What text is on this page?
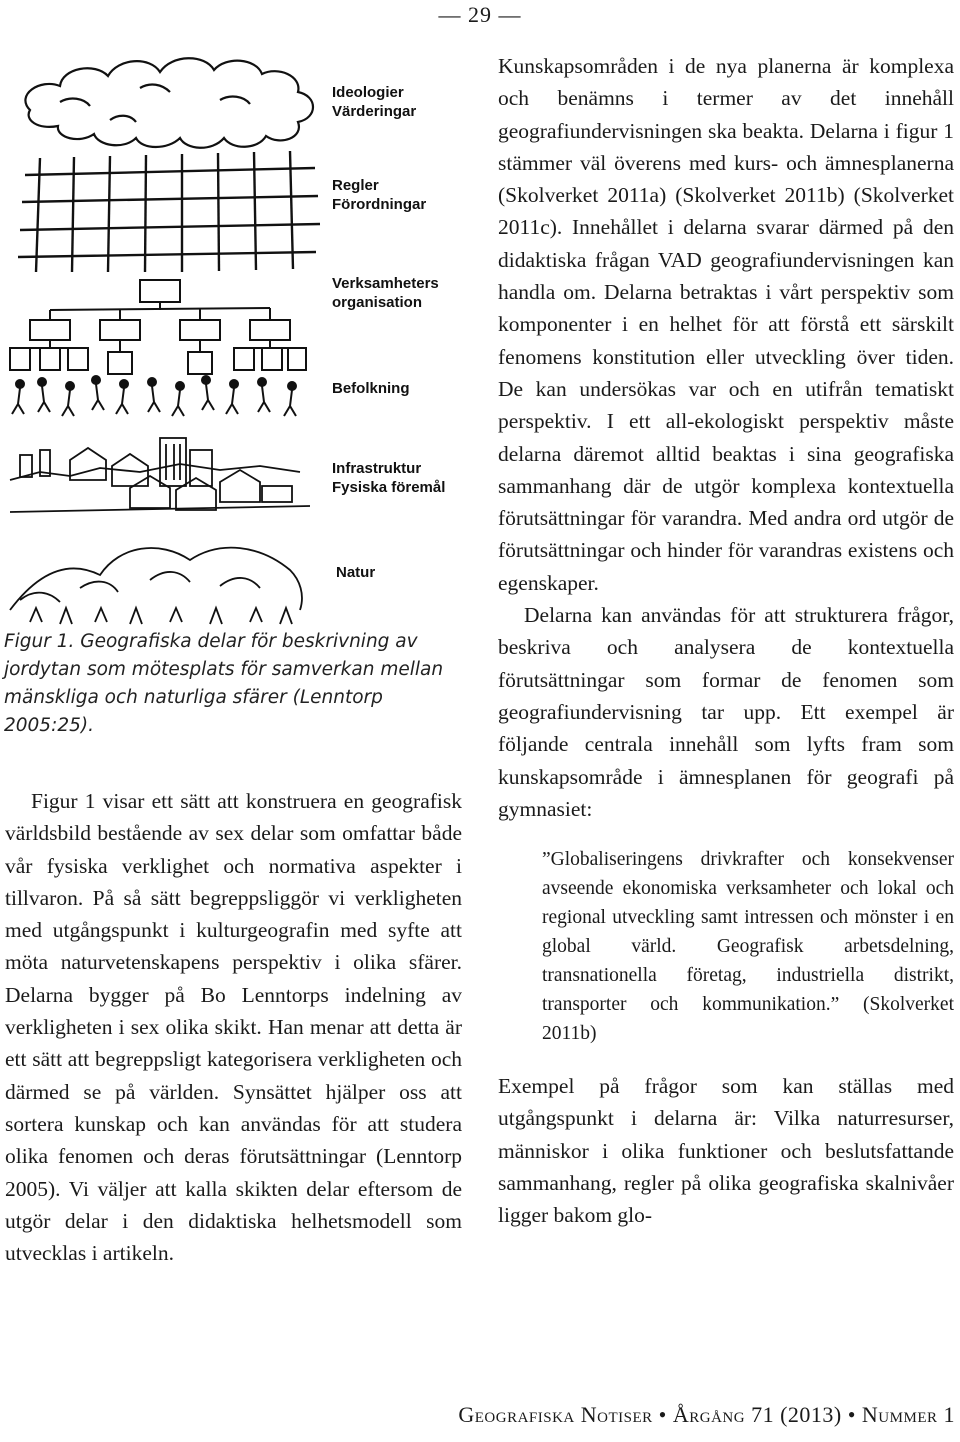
— 29 —
Ideologier
Värderingar
Regler
Förordningar
Verksamheters
organisation
Befolkning
Infrastruktur
Fysiska föremål
Natur
Figur 1. Geografiska delar för beskrivning av jordytan som mötesplats för samverkan mellan mänskliga och naturliga sfärer (Lenntorp 2005:25).

Figur 1 visar ett sätt att konstruera en geografisk världsbild bestående av sex delar som omfattar både vår fysiska verklighet och normativa aspekter i tillvaron. På så sätt begreppsliggör vi verkligheten med utgångspunkt i kulturgeografin med syfte att möta naturvetenskapens perspektiv i olika sfärer. Delarna bygger på Bo Lenntorps indelning av verkligheten i sex olika skikt. Han menar att detta är ett sätt att begreppsligt kategorisera verkligheten och därmed se på världen. Synsättet hjälper oss att sortera kunskap och kan användas för att studera olika fenomen och deras förutsättningar (Lenntorp 2005). Vi väljer att kalla skikten delar eftersom de utgör delar i den didaktiska helhetsmodell som utvecklas i artikeln.

Kunskapsområden i de nya planerna är komplexa och benämns i termer av det innehåll geografiundervisningen ska beakta. Delarna i figur 1 stämmer väl överens med kurs- och ämnesplanerna (Skolverket 2011a) (Skolverket 2011b) (Skolverket 2011c). Innehållet i delarna svarar därmed på den didaktiska frågan VAD geografiundervisningen kan handla om. Delarna betraktas i vårt perspektiv som komponenter i en helhet för att förstå ett särskilt fenomens konstitution eller utveckling över tiden. De kan undersökas var och en utifrån tematiskt perspektiv. I ett all-ekologiskt perspektiv måste delarna däremot alltid beaktas i sina geografiska sammanhang där de utgör komplexa kontextuella förutsättningar för varandra. Med andra ord utgör de förutsättningar och hinder för varandras existens och egenskaper.

Delarna kan användas för att strukturera frågor, beskriva och analysera de kontextuella förutsättningar som formar de fenomen som geografiundervisning tar upp. Ett exempel är följande centrala innehåll som lyfts fram som kunskapsområde i ämnesplanen för geografi på gymnasiet:

”Globaliseringens drivkrafter och konsekvenser avseende ekonomiska verksamheter och lokal och regional utveckling samt intressen och mönster i en global värld. Geografisk arbetsdelning, transnationella företag, industriella distrikt, transporter och kommunikation.” (Skolverket 2011b)

Exempel på frågor som kan ställas med utgångspunkt i delarna är: Vilka naturresurser, människor i olika funktioner och beslutsfattande sammanhang, regler på olika geografiska skalnivåer ligger bakom glo-

Geografiska Notiser • Årgång 71 (2013) • Nummer 1
